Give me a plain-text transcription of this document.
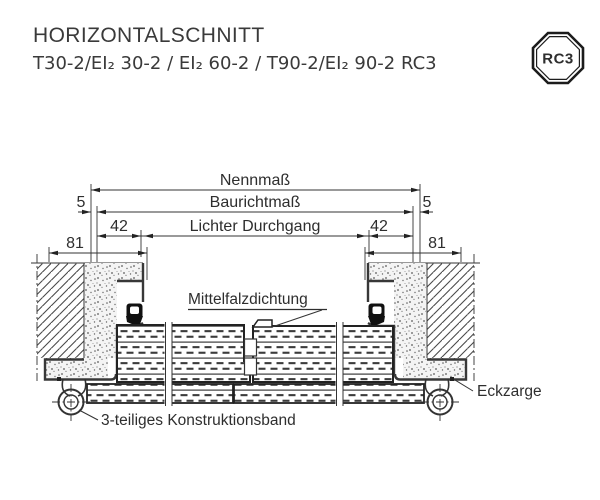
HORIZONTALSCHNITT
T30-2/EI₂ 30-2 / EI₂ 60-2 / T90-2/EI₂ 90-2 RC3	RC3
Nennmaß
Baurichtmaß
Lichter Durchgang
5	5
42	42
81	81
Mittelfalzdichtung
Eckzarge
3-teiliges Konstruktionsband
